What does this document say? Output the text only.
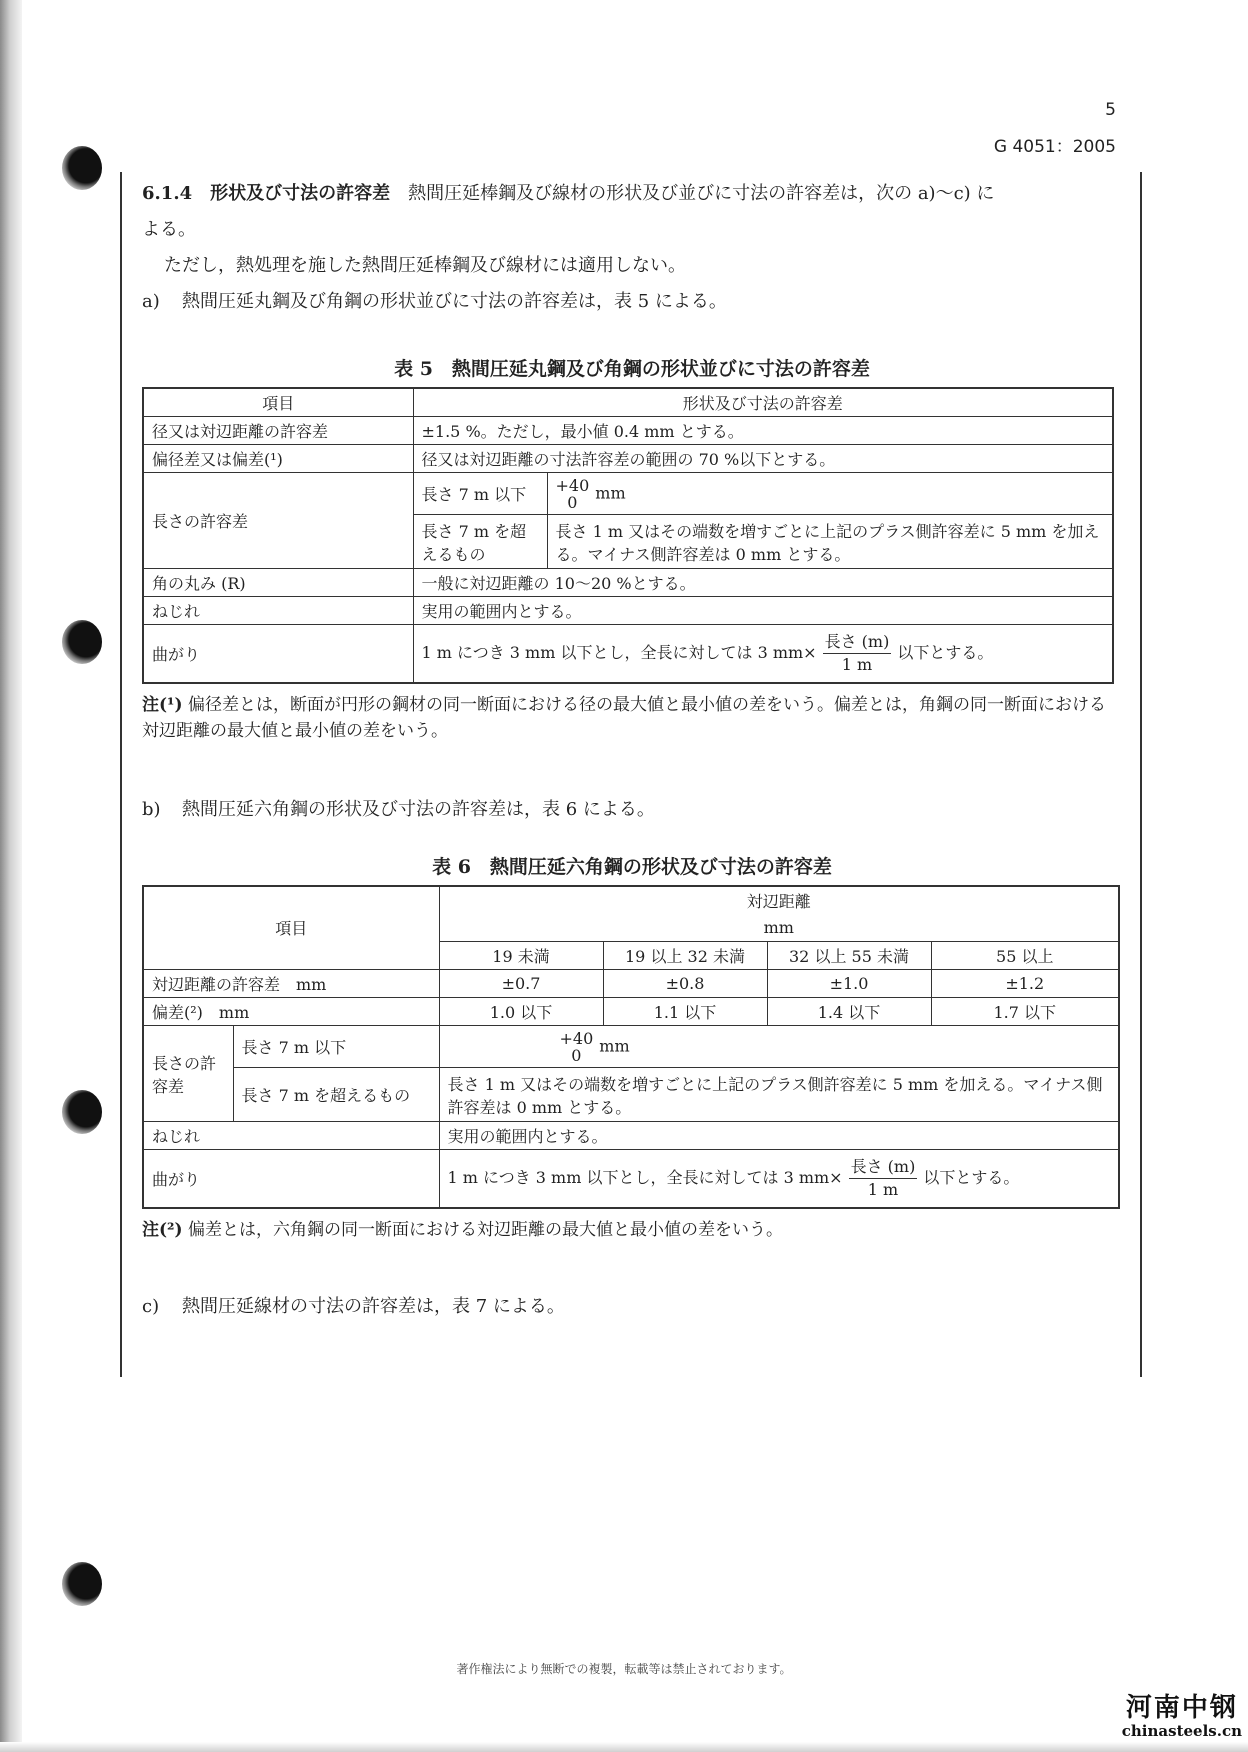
5
G 4051：2005
6.1.4 形状及び寸法の許容差 熱間圧延棒鋼及び線材の形状及び並びに寸法の許容差は，次の a)～c) に
よる。
ただし，熱処理を施した熱間圧延棒鋼及び線材には適用しない。
a) 熱間圧延丸鋼及び角鋼の形状並びに寸法の許容差は，表 5 による。
表 5　熱間圧延丸鋼及び角鋼の形状並びに寸法の許容差
項目	形状及び寸法の許容差	
径又は対辺距離の許容差	±1.5 %。ただし，最小値 0.4 mm とする。	
偏径差又は偏差(¹)	径又は対辺距離の寸法許容差の範囲の 70 %以下とする。	
長さの許容差	長さ 7 m 以下	+40
0 mm
	長さ 7 m を超えるもの	長さ 1 m 又はその端数を増すごとに上記のプラス側許容差に 5 mm を加える。マイナス側許容差は 0 mm とする。
角の丸み (R)	一般に対辺距離の 10～20 %とする。	
ねじれ	実用の範囲内とする。	
曲がり	1 m につき 3 mm 以下とし，全長に対しては 3 $mm\times \frac{\text{長さ (m)}}{1 m}$ 以下とする。	
注(¹) 偏径差とは，断面が円形の鋼材の同一断面における径の最大値と最小値の差をいう。偏差とは，角鋼の同一断面における対辺距離の最大値と最小値の差をいう。
b) 熱間圧延六角鋼の形状及び寸法の許容差は，表 6 による。
表 6　熱間圧延六角鋼の形状及び寸法の許容差
項目		対辺距離			
		mm			
		19 未満	19 以上 32 未満	32 以上 55 未満	55 以上
対辺距離の許容差　mm		±0.7	±0.8	±1.0	±1.2
偏差(²)　mm		1.0 以下	1.1 以下	1.4 以下	1.7 以下
長さの許容差	長さ 7 m 以下	+40
0 mm			
	長さ 7 m を超えるもの	長さ 1 m 又はその端数を増すごとに上記のプラス側許容差に 5 mm を加える。マイナス側許容差は 0 mm とする。			
ねじれ		実用の範囲内とする。			
曲がり		1 m につき 3 mm 以下とし，全長に対しては 3 $mm\times \frac{\text{長さ (m)}}{1 m}$ 以下とする。			
注(²) 偏差とは，六角鋼の同一断面における対辺距離の最大値と最小値の差をいう。
c) 熱間圧延線材の寸法の許容差は，表 7 による。
著作権法により無断での複製，転載等は禁止されております。
河南中钢
chinasteels.cn
